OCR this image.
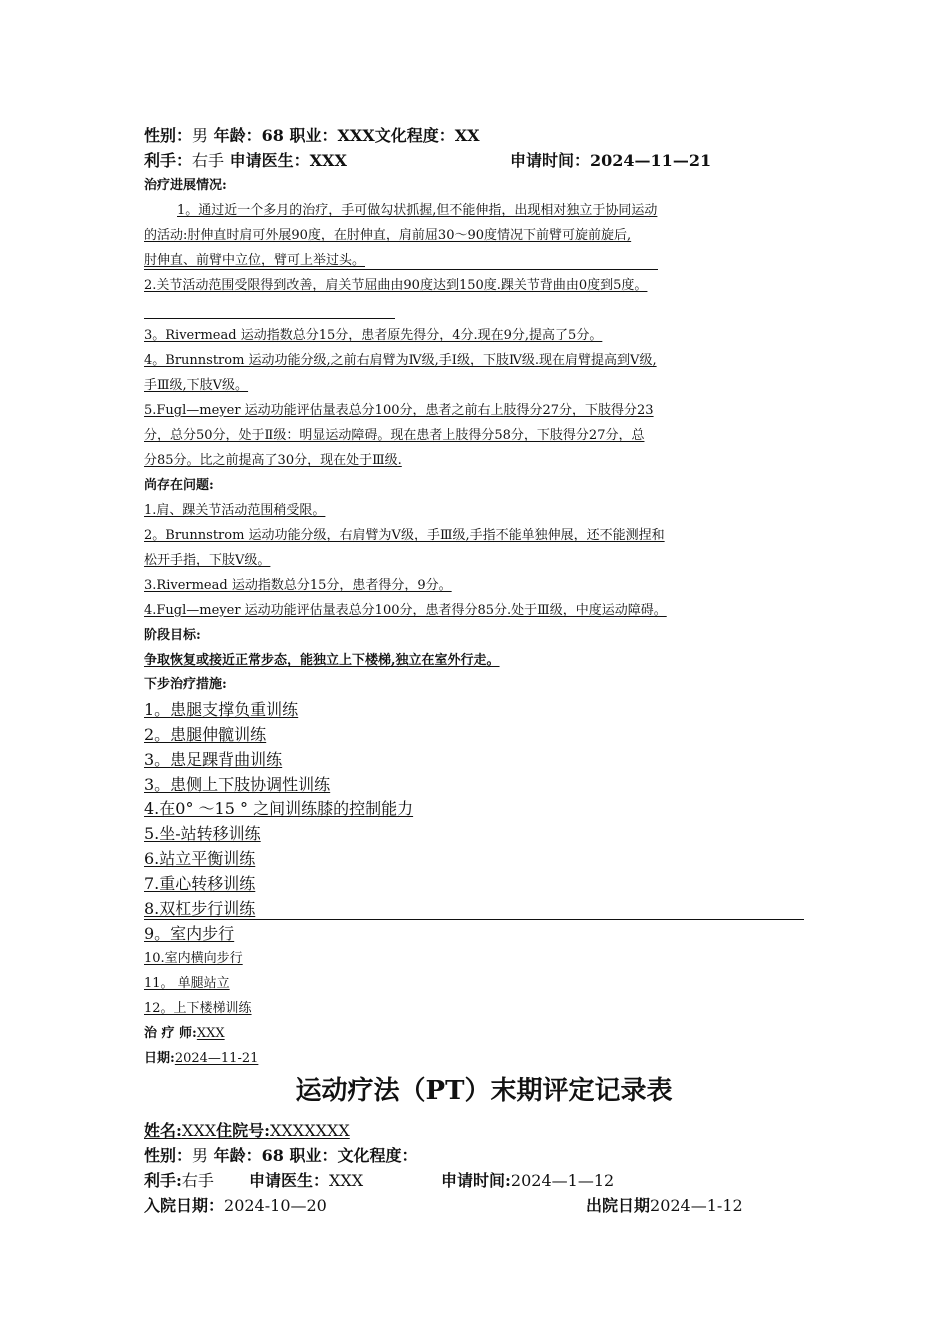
性别：男 年龄：68 职业：XXX文化程度：XX
利手：右手 申请医生：XXX	申请时间：2024—11—21
治疗进展情况:
1。通过近一个多月的治疗，手可做勾状抓握,但不能伸指，出现相对独立于协同运动
的活动:肘伸直时肩可外展90度，在肘伸直，肩前屈30～90度情况下前臂可旋前旋后,
肘伸直、前臂中立位，臂可上举过头。
2.关节活动范围受限得到改善，肩关节屈曲由90度达到150度.踝关节背曲由0度到5度。
3。Rivermead 运动指数总分15分，患者原先得分，4分.现在9分,提高了5分。
4。Brunnstrom 运动功能分级,之前右肩臂为Ⅳ级,手Ⅰ级，下肢Ⅳ级.现在肩臂提高到Ⅴ级,
手Ⅲ级,下肢Ⅴ级。
5.Fugl—meyer 运动功能评估量表总分100分，患者之前右上肢得分27分，下肢得分23
分，总分50分，处于Ⅱ级：明显运动障碍。现在患者上肢得分58分，下肢得分27分，总
分85分。比之前提高了30分，现在处于Ⅲ级.
尚存在问题:
1.肩、踝关节活动范围稍受限。
2。Brunnstrom 运动功能分级，右肩臂为Ⅴ级，手Ⅲ级,手指不能单独伸展，还不能测捏和
松开手指，下肢Ⅴ级。
3.Rivermead 运动指数总分15分，患者得分，9分。
4.Fugl—meyer 运动功能评估量表总分100分，患者得分85分.处于Ⅲ级，中度运动障碍。
阶段目标:
争取恢复或接近正常步态，能独立上下楼梯,独立在室外行走。
下步治疗措施:
1。患腿支撑负重训练
2。患腿伸髋训练
3。患足踝背曲训练
3。患侧上下肢协调性训练
4.在0° ～15 ° 之间训练膝的控制能力
5.坐-站转移训练
6.站立平衡训练
7.重心转移训练
8.双杠步行训练
9。室内步行
10.室内横向步行
11。 单腿站立
12。上下楼梯训练
治 疗 师:XXX
日期:2024—11-21
运动疗法（PT）末期评定记录表
姓名:XXX住院号:XXXXXXX
性别：男 年龄：68 职业：文化程度：
利手:右手 申请医生：XXX	申请时间:2024—1—12
入院日期：2024-10—20	出院日期2024—1-12
